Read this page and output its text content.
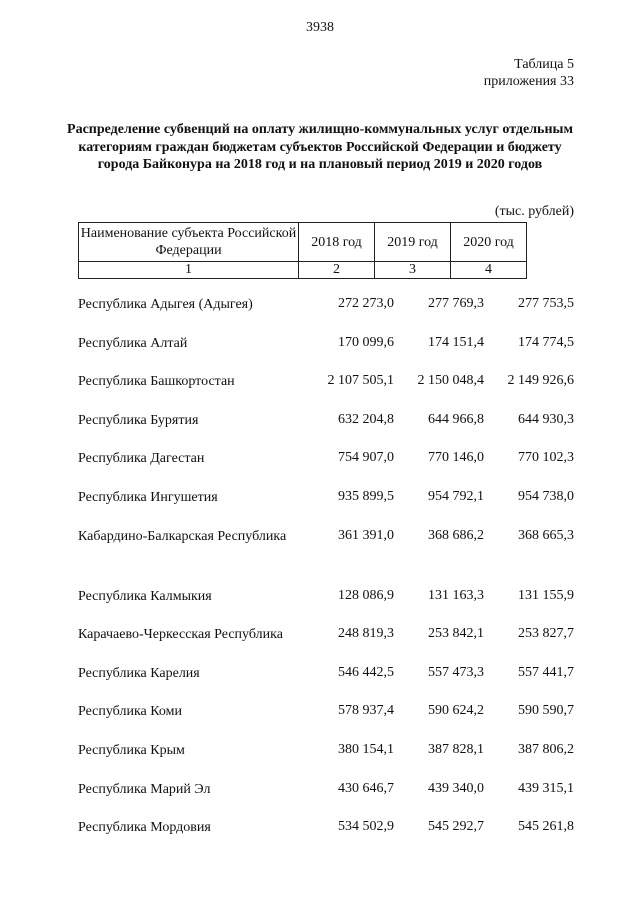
3938
Таблица 5
приложения 33
Распределение субвенций на оплату жилищно-коммунальных услуг отдельным категориям граждан бюджетам субъектов Российской Федерации и бюджету города Байконура на 2018 год и на плановый период 2019 и 2020 годов
(тыс. рублей)
Наименование субъекта Российской Федерации	2018 год	2019 год	2020 год
1	2	3	4
Республика Адыгея (Адыгея)	272 273,0	277 769,3	277 753,5
Республика Алтай	170 099,6	174 151,4	174 774,5
Республика Башкортостан	2 107 505,1	2 150 048,4	2 149 926,6
Республика Бурятия	632 204,8	644 966,8	644 930,3
Республика Дагестан	754 907,0	770 146,0	770 102,3
Республика Ингушетия	935 899,5	954 792,1	954 738,0
Кабардино-Балкарская Республика	361 391,0	368 686,2	368 665,3
Республика Калмыкия	128 086,9	131 163,3	131 155,9
Карачаево-Черкесская Республика	248 819,3	253 842,1	253 827,7
Республика Карелия	546 442,5	557 473,3	557 441,7
Республика Коми	578 937,4	590 624,2	590 590,7
Республика Крым	380 154,1	387 828,1	387 806,2
Республика Марий Эл	430 646,7	439 340,0	439 315,1
Республика Мордовия	534 502,9	545 292,7	545 261,8
